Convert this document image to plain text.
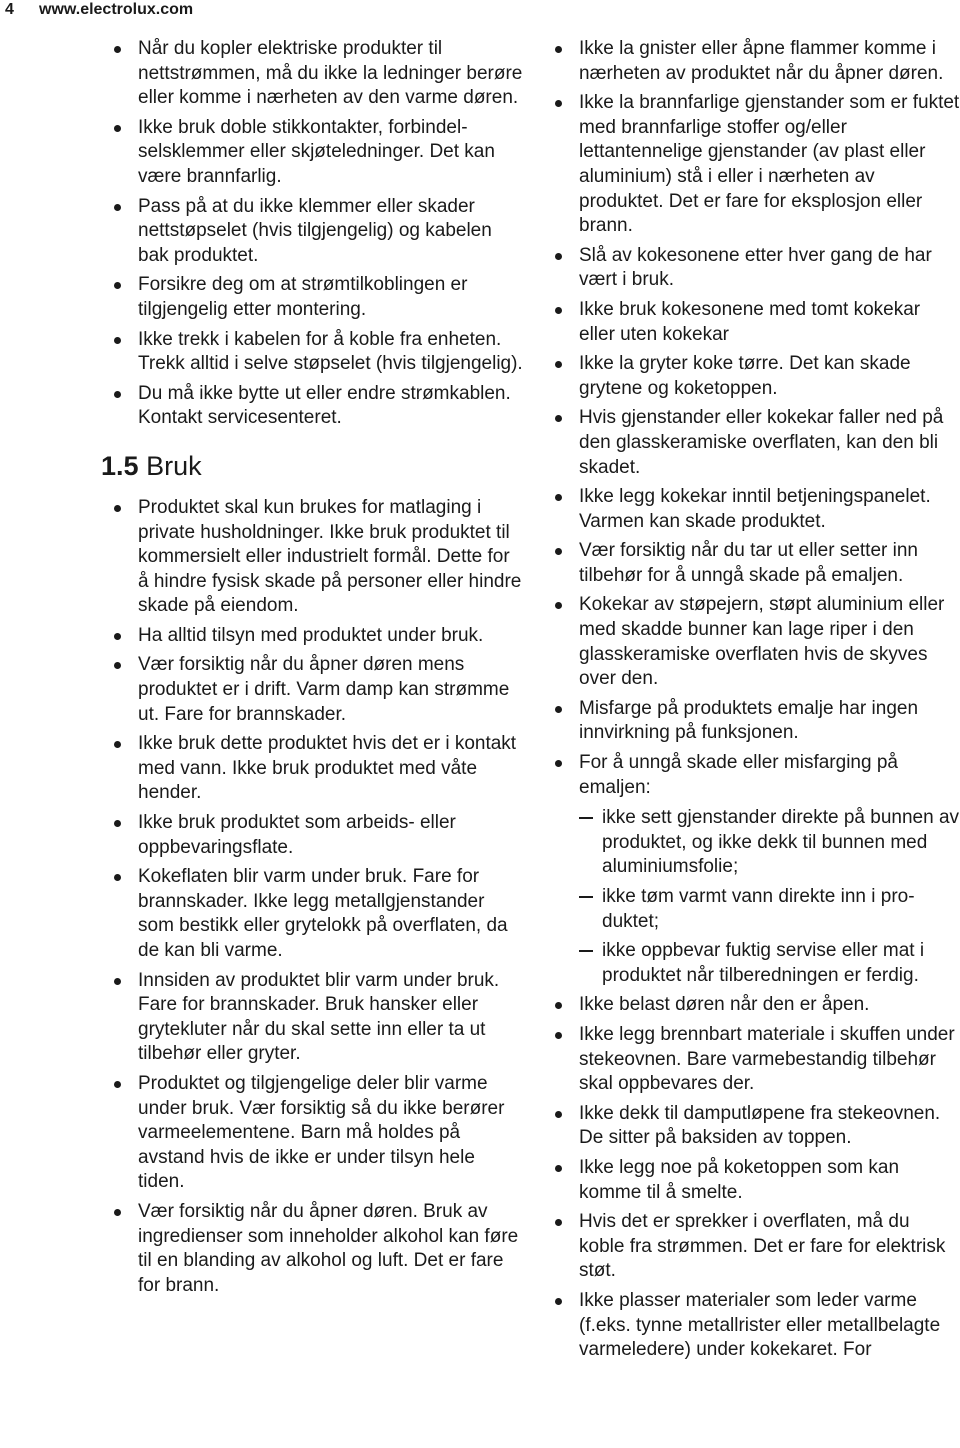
4 www.electrolux.com
Når du kopler elektriske produkter til nettstrømmen, må du ikke la ledninger berøre eller komme i nærheten av den varme døren.
Ikke bruk doble stikkontakter, forbindelselsklemmer eller skjøteledninger. Det kan være brannfarlig.
Pass på at du ikke klemmer eller skader nettstøpselet (hvis tilgjengelig) og kabelen bak produktet.
Forsikre deg om at strømtilkoblingen er tilgjengelig etter montering.
Ikke trekk i kabelen for å koble fra enheten. Trekk alltid i selve støpselet (hvis tilgjengelig).
Du må ikke bytte ut eller endre strømkablen. Kontakt servicesenteret.
1.5 Bruk
Produktet skal kun brukes for matlaging i private husholdninger. Ikke bruk produktet til kommersielt eller industrielt formål. Dette for å hindre fysisk skade på personer eller hindre skade på eiendom.
Ha alltid tilsyn med produktet under bruk.
Vær forsiktig når du åpner døren mens produktet er i drift. Varm damp kan strømme ut. Fare for brannskader.
Ikke bruk dette produktet hvis det er i kontakt med vann. Ikke bruk produktet med våte hender.
Ikke bruk produktet som arbeids- eller oppbevaringsflate.
Kokeflaten blir varm under bruk. Fare for brannskader. Ikke legg metallgjenstander som bestikk eller grytelokk på overflaten, da de kan bli varme.
Innsiden av produktet blir varm under bruk. Fare for brannskader. Bruk hansker eller grytekluter når du skal sette inn eller ta ut tilbehør eller gryter.
Produktet og tilgjengelige deler blir varme under bruk. Vær forsiktig så du ikke berører varmeelementene. Barn må holdes på avstand hvis de ikke er under tilsyn hele tiden.
Vær forsiktig når du åpner døren. Bruk av ingredienser som inneholder alkohol kan føre til en blanding av alkohol og luft. Det er fare for brann.
Ikke la gnister eller åpne flammer komme i nærheten av produktet når du åpner døren.
Ikke la brannfarlige gjenstander som er fuktet med brannfarlige stoffer og/eller lettantennelige gjenstander (av plast eller aluminium) stå i eller i nærheten av produktet. Det er fare for eksplosjon eller brann.
Slå av kokesonene etter hver gang de har vært i bruk.
Ikke bruk kokesonene med tomt kokekar eller uten kokekar
Ikke la gryter koke tørre. Det kan skade grytene og koketoppen.
Hvis gjenstander eller kokekar faller ned på den glasskeramiske overflaten, kan den bli skadet.
Ikke legg kokekar inntil betjeningspanelet. Varmen kan skade produktet.
Vær forsiktig når du tar ut eller setter inn tilbehør for å unngå skade på emaljen.
Kokekar av støpejern, støpt aluminium eller med skadde bunner kan lage riper i den glasskeramiske overflaten hvis de skyves over den.
Misfarge på produktets emalje har ingen innvirkning på funksjonen.
For å unngå skade eller misfarging på emaljen:
ikke sett gjenstander direkte på bunnen av produktet, og ikke dekk til bunnen med aluminiumsfolie;
ikke tøm varmt vann direkte inn i produktet;
ikke oppbevar fuktig servise eller mat i produktet når tilberedningen er ferdig.
Ikke belast døren når den er åpen.
Ikke legg brennbart materiale i skuffen under stekeovnen. Bare varmebestandig tilbehør skal oppbevares der.
Ikke dekk til damputløpene fra stekeovnen. De sitter på baksiden av toppen.
Ikke legg noe på koketoppen som kan komme til å smelte.
Hvis det er sprekker i overflaten, må du koble fra strømmen. Det er fare for elektrisk støt.
Ikke plasser materialer som leder varme (f.eks. tynne metallrister eller metallbelagte varmeledere) under kokekaret. For
